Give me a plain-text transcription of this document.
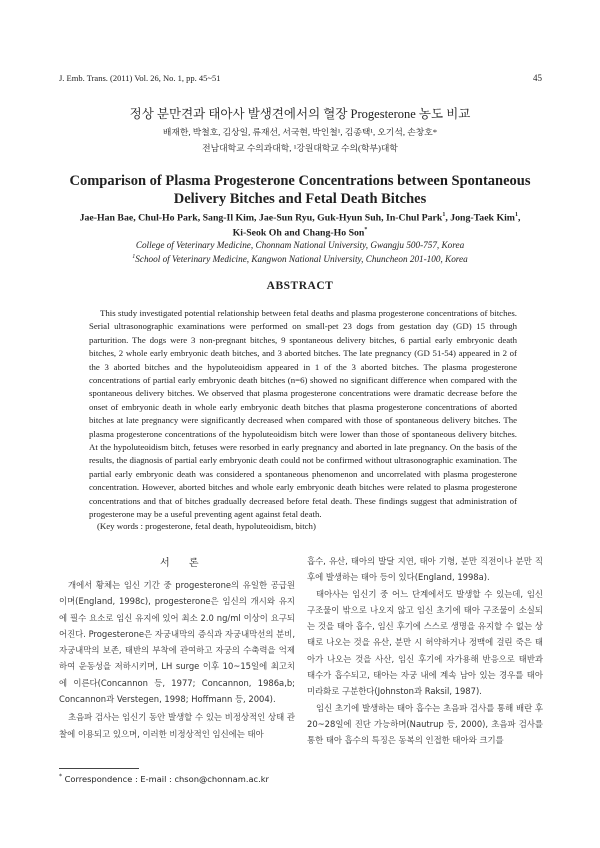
J. Emb. Trans. (2011) Vol. 26, No. 1, pp. 45~51	45
정상 분만견과 태아사 발생견에서의 혈장 Progesterone 농도 비교
배재한, 박철호, 김상일, 류재선, 서국현, 박인철¹, 김종택¹, 오기석, 손창호*
전남대학교 수의과대학, ¹강원대학교 수의(학부)대학
Comparison of Plasma Progesterone Concentrations between Spontaneous
Delivery Bitches and Fetal Death Bitches
Jae-Han Bae, Chul-Ho Park, Sang-Il Kim, Jae-Sun Ryu, Guk-Hyun Suh, In-Chul Park$^1$, Jong-Taek Kim$^1$,
Ki-Seok Oh and Chang-Ho Son*
College of Veterinary Medicine, Chonnam National University, Gwangju 500-757, Korea
$^1$School of Veterinary Medicine, Kangwon National University, Chuncheon 201-100, Korea
ABSTRACT

This study investigated potential relationship between fetal deaths and plasma progesterone concentrations of bitches. Serial ultrasonographic examinations were performed on small-pet 23 dogs from gestation day (GD) 15 through parturition. The dogs were 3 non-pregnant bitches, 9 spontaneous delivery bitches, 6 partial early embryonic death bitches, 2 whole early embryonic death bitches, and 3 aborted bitches. The late pregnancy (GD 51-54) appeared in 2 of the 3 aborted bitches and the hypoluteoidism appeared in 1 of the 3 aborted bitches. The plasma progesterone concentrations of partial early embryonic death bitches (n=6) showed no significant difference when compared with the spontaneous delivery bitches. We observed that plasma progesterone concentrations were dramatic decrease before the onset of embryonic death in whole early embryonic death bitches that plasma progesterone concentrations of aborted bitches at late pregnancy were significantly decreased when compared with those of spontaneous delivery bitches. The plasma progesterone concentrations of the hypoluteoidism bitch were lower than those of spontaneous delivery bitches. At the hypoluteoidism bitch, fetuses were resorbed in early pregnancy and aborted in late pregnancy. On the basis of the results, the diagnosis of partial early embryonic death could not be confirmed without ultrasonographic examination. The partial early embryonic death was considered a spontaneous phenomenon and uncorrelated with plasma progesterone concentration. However, aborted bitches and whole early embryonic death bitches were related to plasma progesterone concentrations and that of bitches gradually decreased before fetal death. These findings suggest that administration of progesterone may be a useful preventing agent against fetal death.

(Key words : progesterone, fetal death, hypoluteoidism, bitch)
서 론

개에서 황체는 임신 기간 중 progesterone의 유일한 공급원이며(England, 1998c), progesterone은 임신의 개시와 유지에 필수 요소로 임신 유지에 있어 최소 2.0 ng/ml 이상이 요구되어진다. Progesterone은 자궁내막의 증식과 자궁내막선의 분비, 자궁내막의 보존, 태반의 부착에 관여하고 자궁의 수축력을 억제하여 운동성을 저하시키며, LH surge 이후 10~15일에 최고치에 이른다(Concannon 등, 1977; Concannon, 1986a,b; Concannon과 Verstegen, 1998; Hoffmann 등, 2004).

초음파 검사는 임신기 동안 발생할 수 있는 비정상적인 상태 관찰에 이용되고 있으며, 이러한 비정상적인 임신에는 태아

흡수, 유산, 태아의 발달 지연, 태아 기형, 분만 직전이나 분만 직후에 발생하는 태아 등이 있다(England, 1998a).

태아사는 임신기 중 어느 단계에서도 발생할 수 있는데, 임신 구조물이 밖으로 나오지 않고 임신 초기에 태아 구조물이 소실되는 것을 태아 흡수, 임신 후기에 스스로 생명을 유지할 수 없는 상태로 나오는 것을 유산, 분만 시 허약하거나 정맥에 걸린 죽은 태아가 나오는 것을 사산, 임신 후기에 자가용해 반응으로 태반과 태수가 흡수되고, 태아는 자궁 내에 계속 남아 있는 경우를 태아 미라화로 구분한다(Johnston과 Raksil, 1987).

임신 초기에 발생하는 태아 흡수는 초음파 검사를 통해 배란 후 20~28일에 진단 가능하며(Nautrup 등, 2000), 초음파 검사를 통한 태아 흡수의 특징은 동복의 인접한 태아와 크기를

* Correspondence : E-mail : chson@chonnam.ac.kr
